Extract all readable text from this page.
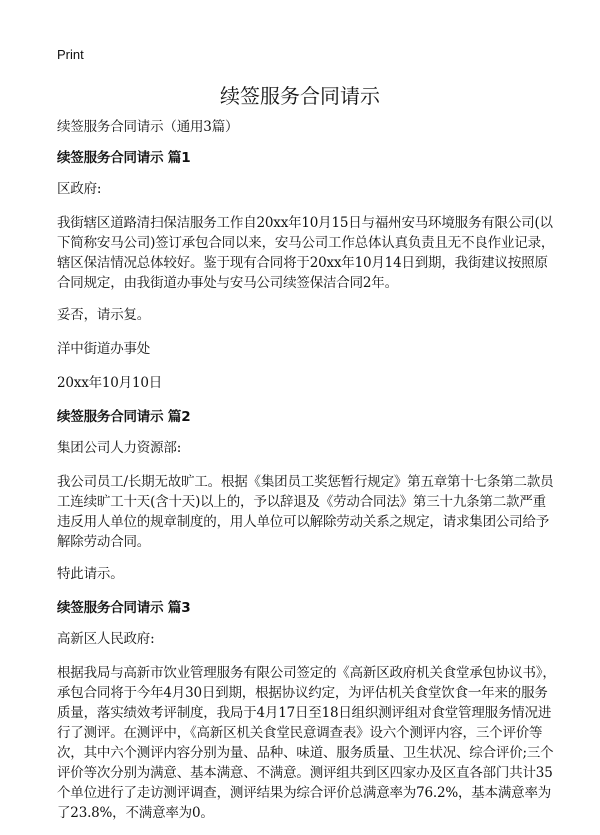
Print
续签服务合同请示

续签服务合同请示（通用3篇）

续签服务合同请示 篇1

区政府:

我街辖区道路清扫保洁服务工作自20xx年10月15日与福州安马环境服务有限公司(以下简称安马公司)签订承包合同以来，安马公司工作总体认真负责且无不良作业记录，辖区保洁情况总体较好。鉴于现有合同将于20xx年10月14日到期，我街建议按照原合同规定，由我街道办事处与安马公司续签保洁合同2年。

妥否，请示复。

洋中街道办事处

20xx年10月10日

续签服务合同请示 篇2

集团公司人力资源部:

我公司员工/长期无故旷工。根据《集团员工奖惩暂行规定》第五章第十七条第二款员工连续旷工十天(含十天)以上的，予以辞退及《劳动合同法》第三十九条第二款严重违反用人单位的规章制度的，用人单位可以解除劳动关系之规定，请求集团公司给予解除劳动合同。

特此请示。

续签服务合同请示 篇3

高新区人民政府:

根据我局与高新市饮业管理服务有限公司签定的《高新区政府机关食堂承包协议书》，承包合同将于今年4月30日到期，根据协议约定，为评估机关食堂饮食一年来的服务质量，落实绩效考评制度，我局于4月17日至18日组织测评组对食堂管理服务情况进行了测评。在测评中，《高新区机关食堂民意调查表》设六个测评内容，三个评价等次，其中六个测评内容分别为量、品种、味道、服务质量、卫生状况、综合评价;三个评价等次分别为满意、基本满意、不满意。测评组共到区四家办及区直各部门共计35个单位进行了走访测评调查，测评结果为综合评价总满意率为76.2%，基本满意率为了23.8%，不满意率为0。
